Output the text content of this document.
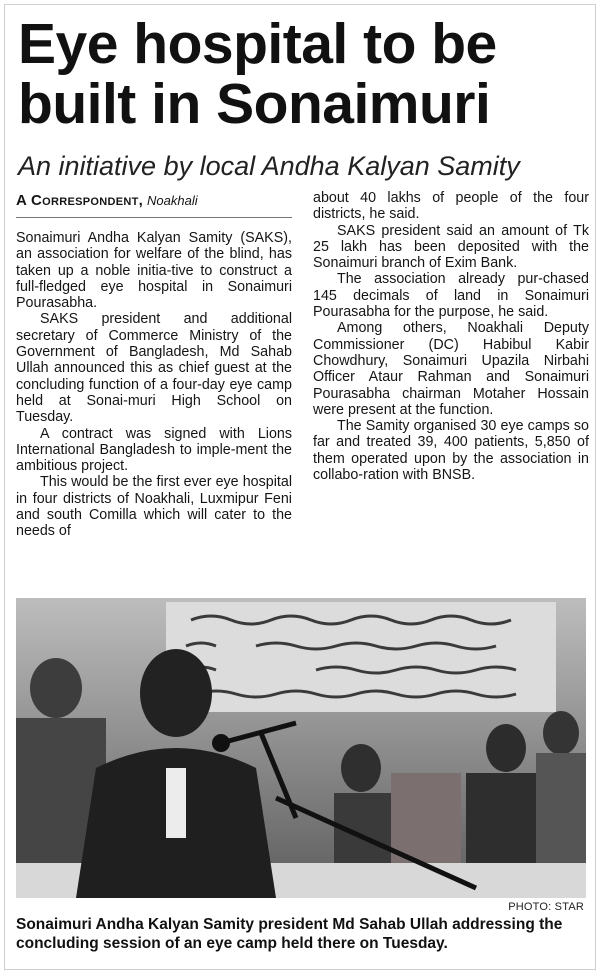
Eye hospital to be
built in Sonaimuri
An initiative by local Andha Kalyan Samity
A Correspondent, Noakhali

Sonaimuri Andha Kalyan Samity (SAKS), an association for welfare of the blind, has taken up a noble initia-tive to construct a full-fledged eye hospital in Sonaimuri Pourasabha.

SAKS president and additional secretary of Commerce Ministry of the Government of Bangladesh, Md Sahab Ullah announced this as chief guest at the concluding function of a four-day eye camp held at Sonai-muri High School on Tuesday.

A contract was signed with Lions International Bangladesh to imple-ment the ambitious project.

This would be the first ever eye hospital in four districts of Noakhali, Luxmipur Feni and south Comilla which will cater to the needs of

about 40 lakhs of people of the four districts, he said.

SAKS president said an amount of Tk 25 lakh has been deposited with the Sonaimuri branch of Exim Bank.

The association already pur-chased 145 decimals of land in Sonaimuri Pourasabha for the purpose, he said.

Among others, Noakhali Deputy Commissioner (DC) Habibul Kabir Chowdhury, Sonaimuri Upazila Nirbahi Officer Ataur Rahman and Sonaimuri Pourasabha chairman Motaher Hossain were present at the function.

The Samity organised 30 eye camps so far and treated 39, 400 patients, 5,850 of them operated upon by the association in collabo-ration with BNSB.

PHOTO: STAR
Sonaimuri Andha Kalyan Samity president Md Sahab Ullah addressing the concluding session of an eye camp held there on Tuesday.
